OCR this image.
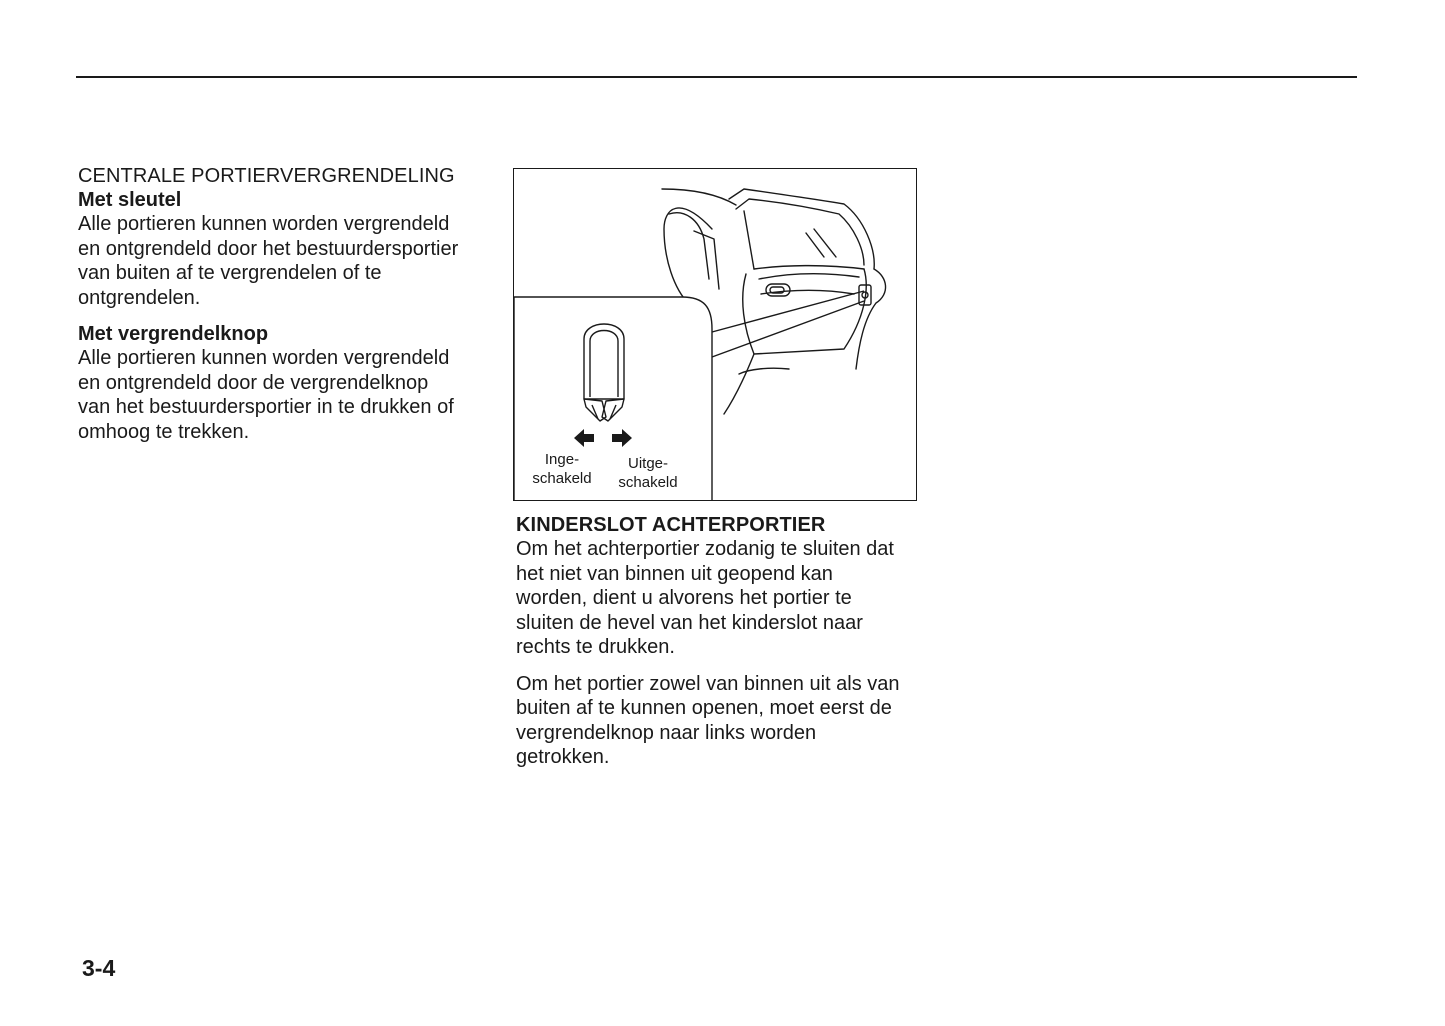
CENTRALE PORTIERVERGRENDELING
Met sleutel

Alle portieren kunnen worden vergrendeld

en ontgrendeld door het bestuurdersportier

van buiten af te vergrendelen of te

ontgrendelen.

Met vergrendelknop

Alle portieren kunnen worden vergrendeld

en ontgrendeld door de vergrendelknop

van het bestuurdersportier in te drukken of

omhoog te trekken.

Inge-
schakeld
Uitge-
schakeld
KINDERSLOT ACHTERPORTIER

Om het achterportier zodanig te sluiten dat

het niet van binnen uit geopend kan

worden, dient u alvorens het portier te

sluiten de hevel van het kinderslot naar

rechts te drukken.

Om het portier zowel van binnen uit als van

buiten af te kunnen openen, moet eerst de

vergrendelknop naar links worden

getrokken.

3-4
